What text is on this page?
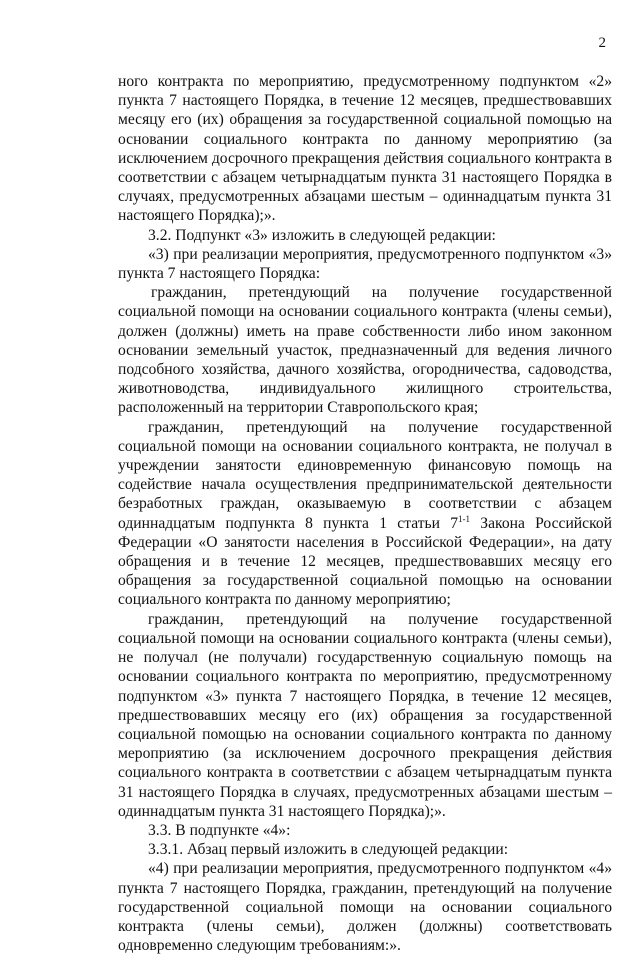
2

ного контракта по мероприятию, предусмотренному подпунктом «2» пункта 7 настоящего Порядка, в течение 12 месяцев, предшествовавших месяцу его (их) обращения за государственной социальной помощью на основании социального контракта по данному мероприятию (за исключением досрочного прекращения действия социального контракта в соответствии с абзацем четырнадцатым пункта 31 настоящего Порядка в случаях, предусмотренных абзацами шестым – одиннадцатым пункта 31 настоящего Порядка);».

3.2. Подпункт «3» изложить в следующей редакции:

«3) при реализации мероприятия, предусмотренного подпунктом «3» пункта 7 настоящего Порядка:

гражданин, претендующий на получение государственной социальной помощи на основании социального контракта (члены семьи), должен (должны) иметь на праве собственности либо ином законном основании земельный участок, предназначенный для ведения личного подсобного хозяйства, дачного хозяйства, огородничества, садоводства, животноводства, индивидуального жилищного строительства, расположенный на территории Ставропольского края;

гражданин, претендующий на получение государственной социальной помощи на основании социального контракта, не получал в учреждении занятости единовременную финансовую помощь на содействие начала осуществления предпринимательской деятельности безработных граждан, оказываемую в соответствии с абзацем одиннадцатым подпункта 8 пункта 1 статьи 7$^{1-1}$ Закона Российской Федерации «О занятости населения в Российской Федерации», на дату обращения и в течение 12 месяцев, предшествовавших месяцу его обращения за государственной социальной помощью на основании социального контракта по данному мероприятию;

гражданин, претендующий на получение государственной социальной помощи на основании социального контракта (члены семьи), не получал (не получали) государственную социальную помощь на основании социального контракта по мероприятию, предусмотренному подпунктом «3» пункта 7 настоящего Порядка, в течение 12 месяцев, предшествовавших месяцу его (их) обращения за государственной социальной помощью на основании социального контракта по данному мероприятию (за исключением досрочного прекращения действия социального контракта в соответствии с абзацем четырнадцатым пункта 31 настоящего Порядка в случаях, предусмотренных абзацами шестым – одиннадцатым пункта 31 настоящего Порядка);».

3.3. В подпункте «4»:

3.3.1. Абзац первый изложить в следующей редакции:

«4) при реализации мероприятия, предусмотренного подпунктом «4» пункта 7 настоящего Порядка, гражданин, претендующий на получение государственной социальной помощи на основании социального контракта (члены семьи), должен (должны) соответствовать одновременно следующим требованиям:».
